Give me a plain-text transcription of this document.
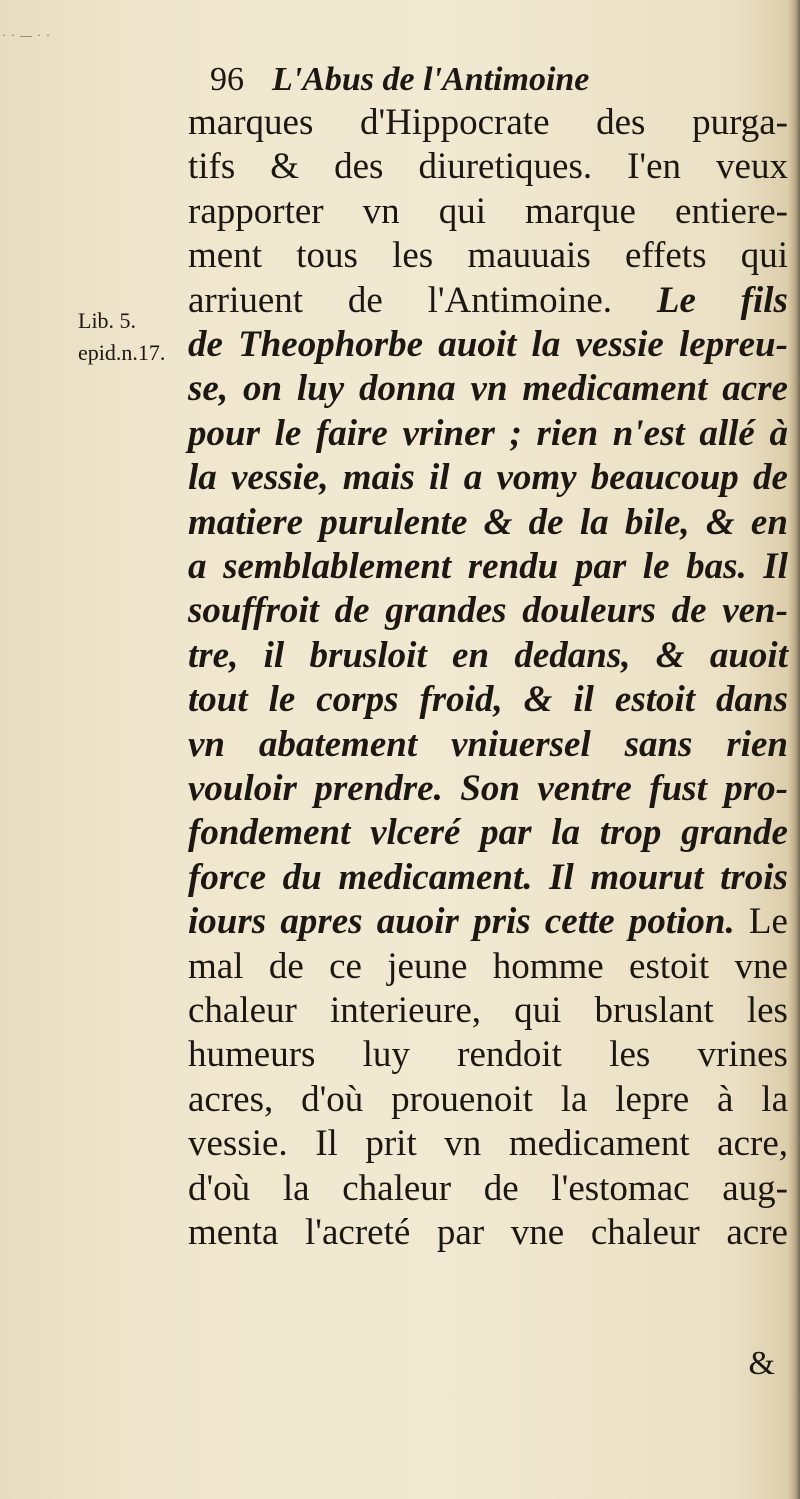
· · — · ·
96 L'Abus de l'Antimoine
Lib. 5.
epid.n.17.
marques d'Hippocrate des purga-
tifs & des diuretiques. I'en veux
rapporter vn qui marque entiere-
ment tous les mauuais effets qui
arriuent de l'Antimoine. Le fils
de Theophorbe auoit la vessie lepreu-
se, on luy donna vn medicament acre
pour le faire vriner ; rien n'est allé à
la vessie, mais il a vomy beaucoup de
matiere purulente & de la bile, & en
a semblablement rendu par le bas. Il
souffroit de grandes douleurs de ven-
tre, il brusloit en dedans, & auoit
tout le corps froid, & il estoit dans
vn abatement vniuersel sans rien
vouloir prendre. Son ventre fust pro-
fondement vlceré par la trop grande
force du medicament. Il mourut trois
iours apres auoir pris cette potion. Le
mal de ce jeune homme estoit vne
chaleur interieure, qui bruslant les
humeurs luy rendoit les vrines
acres, d'où prouenoit la lepre à la
vessie. Il prit vn medicament acre,
d'où la chaleur de l'estomac aug-
menta l'acreté par vne chaleur acre
&
